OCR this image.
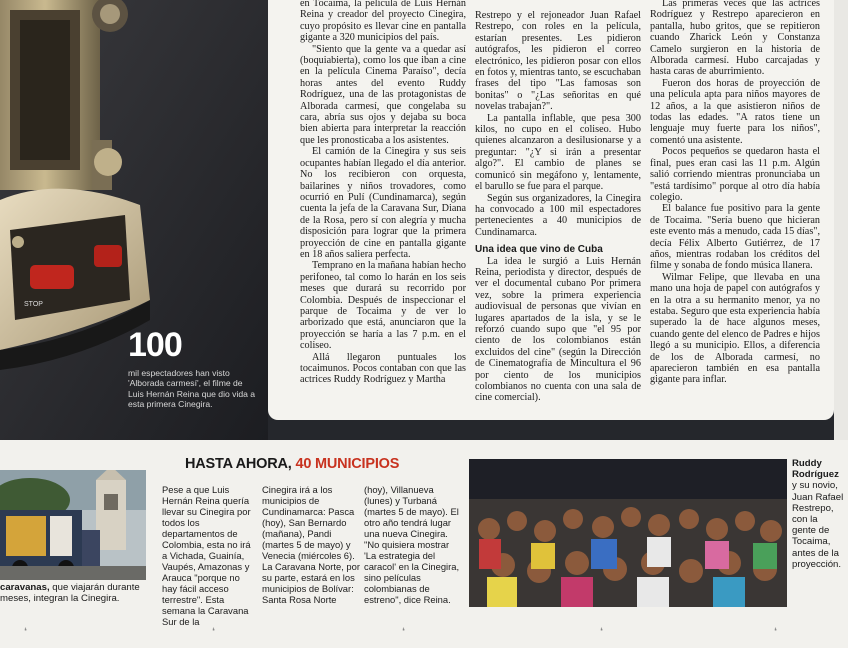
STOP
100
mil espectadores han visto 'Alborada carmesí', el filme de Luis Hernán Reina que dio vida a esta primera Cinegira.

en Tocaima, la película de Luis Hernán Reina y creador del proyecto Cinegira, cuyo propósito es llevar cine en pantalla gigante a 320 municipios del país.

"Siento que la gente va a quedar así (boquiabierta), como los que iban a cine en la película Cinema Paraíso", decía horas antes del evento Ruddy Rodríguez, una de las protagonistas de Alborada carmesí, que congelaba su cara, abría sus ojos y dejaba su boca bien abierta para interpretar la reacción que les pronosticaba a los asistentes.

El camión de la Cinegira y sus seis ocupantes habían llegado el día anterior. No los recibieron con orquesta, bailarines y niños trovadores, como ocurrió en Pulí (Cundinamarca), según cuenta la jefa de la Caravana Sur, Diana de la Rosa, pero sí con alegría y mucha disposición para lograr que la primera proyección de cine en pantalla gigante en 18 años saliera perfecta.

Temprano en la mañana habían hecho perifoneo, tal como lo harán en los seis meses que durará su recorrido por Colombia. Después de inspeccionar el parque de Tocaima y de ver lo arborizado que está, anunciaron que la proyección se haría a las 7 p.m. en el coliseo.

Allá llegaron puntuales los tocaimunos. Pocos contaban con que las actrices Ruddy Rodríguez y Martha

Restrepo y el rejoneador Juan Rafael Restrepo, con roles en la película, estarían presentes. Les pidieron autógrafos, les pidieron el correo electrónico, les pidieron posar con ellos en fotos y, mientras tanto, se escuchaban frases del tipo "Las famosas son bonitas" o "¿Las señoritas en qué novelas trabajan?".

La pantalla inflable, que pesa 300 kilos, no cupo en el coliseo. Hubo quienes alcanzaron a desilusionarse y a preguntar: "¿Y si irán a presentar algo?". El cambio de planes se comunicó sin megáfono y, lentamente, el barullo se fue para el parque.

Según sus organizadores, la Cinegira ha convocado a 100 mil espectadores pertenecientes a 40 municipios de Cundinamarca.

Una idea que vino de Cuba

La idea le surgió a Luis Hernán Reina, periodista y director, después de ver el documental cubano Por primera vez, sobre la primera experiencia audiovisual de personas que vivían en lugares apartados de la isla, y se le reforzó cuando supo que "el 95 por ciento de los colombianos están excluidos del cine" (según la Dirección de Cinematografía de Mincultura el 96 por ciento de los municipios colombianos no cuenta con una sala de cine comercial).

Las primeras veces que las actrices Rodríguez y Restrepo aparecieron en pantalla, hubo gritos, que se repitieron cuando Zharick León y Constanza Camelo surgieron en la historia de Alborada carmesí. Hubo carcajadas y hasta caras de aburrimiento.

Fueron dos horas de proyección de una película apta para niños mayores de 12 años, a la que asistieron niños de todas las edades. "A ratos tiene un lenguaje muy fuerte para los niños", comentó una asistente.

Pocos pequeños se quedaron hasta el final, pues eran casi las 11 p.m. Algún salió corriendo mientras pronunciaba un "está tardísimo" porque al otro día había colegio.

El balance fue positivo para la gente de Tocaima. "Sería bueno que hicieran este evento más a menudo, cada 15 días", decía Félix Alberto Gutiérrez, de 17 años, mientras rodaban los créditos del filme y sonaba de fondo música llanera.

Wilmar Felipe, que llevaba en una mano una hoja de papel con autógrafos y en la otra a su hermanito menor, ya no estaba. Seguro que esta experiencia había superado la de hace algunos meses, cuando gente del elenco de Padres e hijos llegó a su municipio. Ellos, a diferencia de los de Alborada carmesí, no aparecieron también en esa pantalla gigante para inflar.

caravanas, que viajarán durante
meses, integran la Cinegira.
HASTA AHORA, 40 MUNICIPIOS

Pese a que Luis Hernán Reina quería llevar su Cinegira por todos los departamentos de Colombia, esta no irá a Vichada, Guainía, Vaupés, Amazonas y Arauca "porque no hay fácil acceso terrestre". Esta semana la Caravana Sur de la

Cinegira irá a los municipios de Cundinamarca: Pasca (hoy), San Bernardo (mañana), Pandi (martes 5 de mayo) y Venecia (miércoles 6). La Caravana Norte, por su parte, estará en los municipios de Bolívar: Santa Rosa Norte

(hoy), Villanueva (lunes) y Turbaná (martes 5 de mayo). El otro año tendrá lugar una nueva Cinegira. "No quisiera mostrar 'La estrategia del caracol' en la Cinegira, sino películas colombianas de estreno", dice Reina.

Ruddy Rodríguez y su novio, Juan Rafael Restrepo, con la gente de Tocaima, antes de la proyección.
❛	❛	❛	❛	❛
